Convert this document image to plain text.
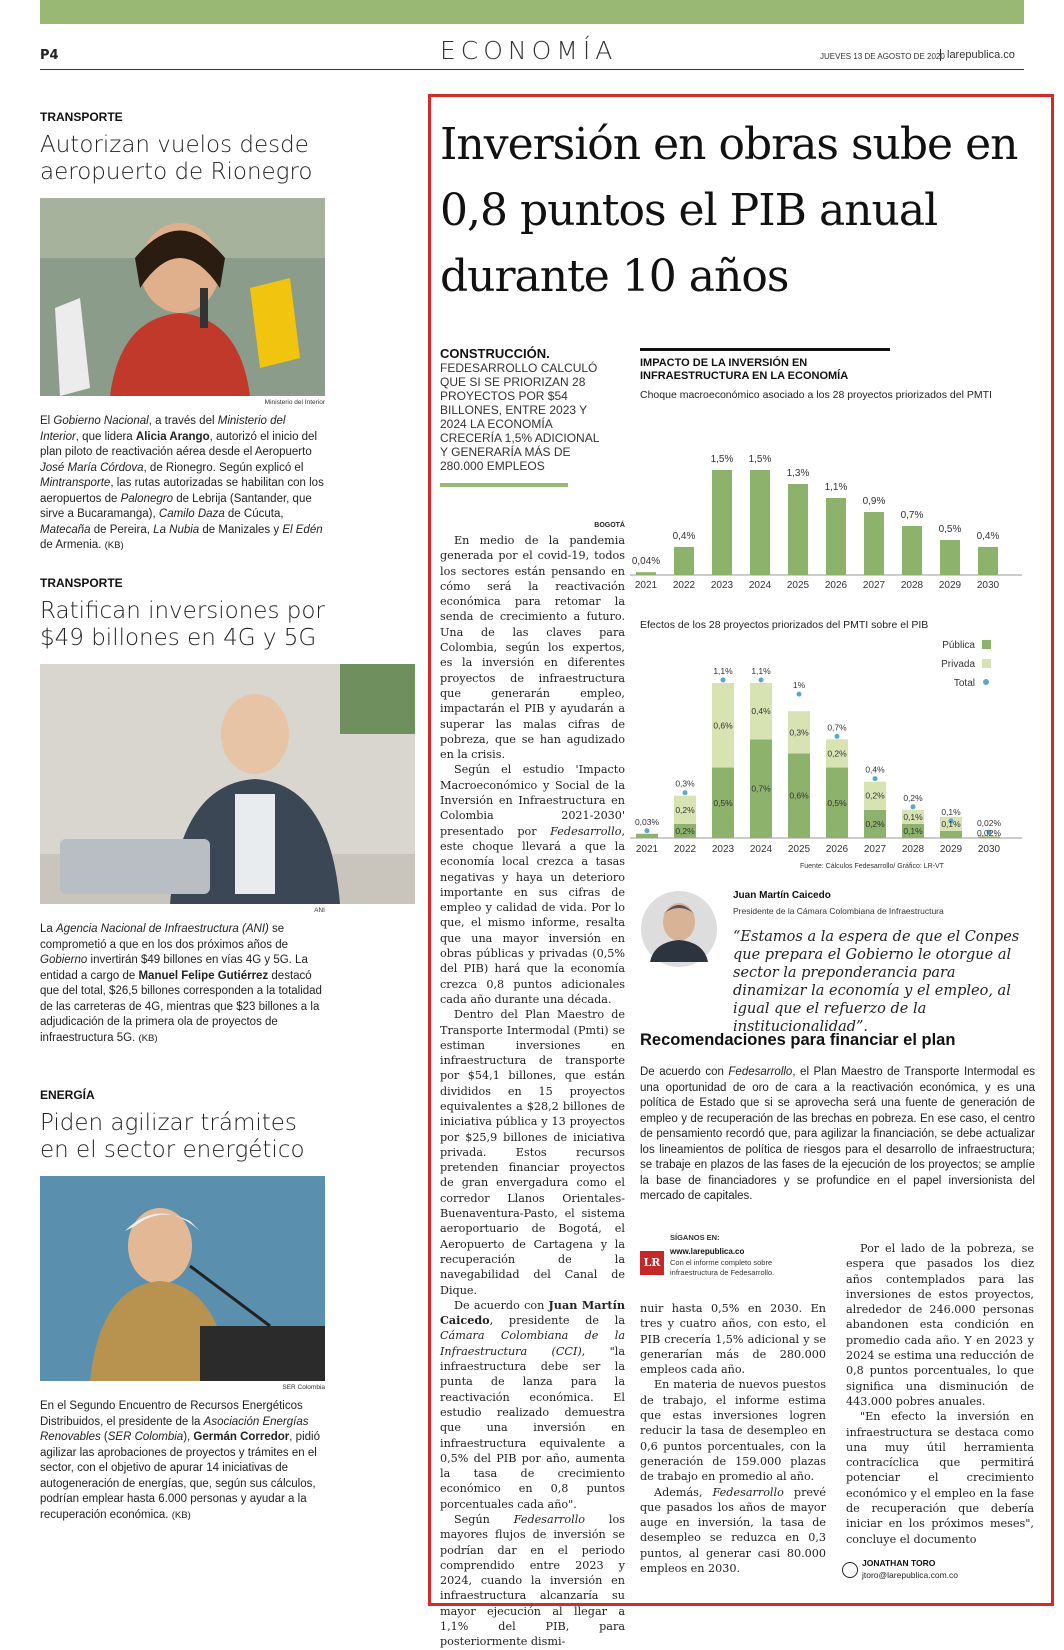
P4	ECONOMÍA	JUEVES 13 DE AGOSTO DE 2020 larepublica.co
TRANSPORTE
Autorizan vuelos desde aeropuerto de Rionegro
Ministerio del Interior
El Gobierno Nacional, a través del Ministerio del Interior, que lidera Alicia Arango, autorizó el inicio del plan piloto de reactivación aérea desde el Aeropuerto José María Córdova, de Rionegro. Según explicó el Mintransporte, las rutas autorizadas se habilitan con los aeropuertos de Palonegro de Lebrija (Santander, que sirve a Bucaramanga), Camilo Daza de Cúcuta, Matecaña de Pereira, La Nubia de Manizales y El Edén de Armenia. (KB)
TRANSPORTE
Ratifican inversiones por $49 billones en 4G y 5G
ANI
La Agencia Nacional de Infraestructura (ANI) se comprometió a que en los dos próximos años de Gobierno invertirán $49 billones en vías 4G y 5G. La entidad a cargo de Manuel Felipe Gutiérrez destacó que del total, $26,5 billones corresponden a la totalidad de las carreteras de 4G, mientras que $23 billones a la adjudicación de la primera ola de proyectos de infraestructura 5G. (KB)
ENERGÍA
Piden agilizar trámites en el sector energético
SER Colombia
En el Segundo Encuentro de Recursos Energéticos Distribuidos, el presidente de la Asociación Energías Renovables (SER Colombia), Germán Corredor, pidió agilizar las aprobaciones de proyectos y trámites en el sector, con el objetivo de apurar 14 iniciativas de autogeneración de energías, que, según sus cálculos, podrían emplear hasta 6.000 personas y ayudar a la recuperación económica. (KB)
Inversión en obras sube en 0,8 puntos el PIB anual durante 10 años
CONSTRUCCIÓN.
FEDESARROLLO CALCULÓ QUE SI SE PRIORIZAN 28 PROYECTOS POR $54 BILLONES, ENTRE 2023 Y 2024 LA ECONOMÍA CRECERÍA 1,5% ADICIONAL Y GENERARÍA MÁS DE 280.000 EMPLEOS
BOGOTÁ

En medio de la pandemia generada por el covid-19, todos los sectores están pensando en cómo será la reactivación económica para retomar la senda de crecimiento a futuro. Una de las claves para Colombia, según los expertos, es la inversión en diferentes proyectos de infraestructura que generarán empleo, impactarán el PIB y ayudarán a superar las malas cifras de pobreza, que se han agudizado en la crisis.

Según el estudio 'Impacto Macroeconómico y Social de la Inversión en Infraestructura en Colombia 2021-2030' presentado por Fedesarrollo, este choque llevará a que la economía local crezca a tasas negativas y haya un deterioro importante en sus cifras de empleo y calidad de vida. Por lo que, el mismo informe, resalta que una mayor inversión en obras públicas y privadas (0,5% del PIB) hará que la economía crezca 0,8 puntos adicionales cada año durante una década.

Dentro del Plan Maestro de Transporte Intermodal (Pmti) se estiman inversiones en infraestructura de transporte por $54,1 billones, que están divididos en 15 proyectos equivalentes a $28,2 billones de iniciativa pública y 13 proyectos por $25,9 billones de iniciativa privada. Estos recursos pretenden financiar proyectos de gran envergadura como el corredor Llanos Orientales-Buenaventura-Pasto, el sistema aeroportuario de Bogotá, el Aeropuerto de Cartagena y la recuperación de la navegabilidad del Canal de Dique.

De acuerdo con Juan Martín Caicedo, presidente de la Cámara Colombiana de la Infraestructura (CCI), "la infraestructura debe ser la punta de lanza para la reactivación económica. El estudio realizado demuestra que una inversión en infraestructura equivalente a 0,5% del PIB por año, aumenta la tasa de crecimiento económico en 0,8 puntos porcentuales cada año".

Según Fedesarrollo los mayores flujos de inversión se podrían dar en el periodo comprendido entre 2023 y 2024, cuando la inversión en infraestructura alcanzaría su mayor ejecución al llegar a 1,1% del PIB, para posteriormente dismi-

IMPACTO DE LA INVERSIÓN EN INFRAESTRUCTURA EN LA ECONOMÍA
Choque macroeconómico asociado a los 28 proyectos priorizados del PMTI
0,04%
2021
0,4%
2022
1,5%
2023
1,5%
2024
1,3%
2025
1,1%
2026
0,9%
2027
0,7%
2028
0,5%
2029
0,4%
2030
Efectos de los 28 proyectos priorizados del PMTI sobre el PIB
0,03%
2021
0,3%
0,2%
0,2%
2022
1,1%
0,5%
0,6%
2023
1,1%
0,7%
0,4%
2024
1%
0,6%
0,3%
2025
0,7%
0,5%
0,2%
2026
0,4%
0,2%
0,2%
2027
0,2%
0,1%
0,1%
2028
0,1%
0,1%
2029
0,02%
0,02%
2030
Pública
Privada
Total
Fuente: Cálculos Fedesarrollo/ Gráfico: LR-VT
Juan Martín Caicedo
Presidente de la Cámara Colombiana de Infraestructura
“Estamos a la espera de que el Conpes que prepara el Gobierno le otorgue al sector la preponderancia para dinamizar la economía y el empleo, al igual que el refuerzo de la institucionalidad”.
Recomendaciones para financiar el plan
De acuerdo con Fedesarrollo, el Plan Maestro de Transporte Intermodal es una oportunidad de oro de cara a la reactivación económica, y es una política de Estado que si se aprovecha será una fuente de generación de empleo y de recuperación de las brechas en pobreza. En ese caso, el centro de pensamiento recordó que, para agilizar la financiación, se debe actualizar los lineamientos de política de riesgos para el desarrollo de infraestructura; se trabaje en plazos de las fases de la ejecución de los proyectos; se amplíe la base de financiadores y se profundice en el papel inversionista del mercado de capitales.
SÍGANOS EN:
LR
www.larepublica.co
Con el informe completo sobre infraestructura de Fedesarrollo.
nuir hasta 0,5% en 2030. En tres y cuatro años, con esto, el PIB crecería 1,5% adicional y se generarían más de 280.000 empleos cada año.

En materia de nuevos puestos de trabajo, el informe estima que estas inversiones logren reducir la tasa de desempleo en 0,6 puntos porcentuales, con la generación de 159.000 plazas de trabajo en promedio al año.

Además, Fedesarrollo prevé que pasados los años de mayor auge en inversión, la tasa de desempleo se reduzca en 0,3 puntos, al generar casi 80.000 empleos en 2030.

Por el lado de la pobreza, se espera que pasados los diez años contemplados para las inversiones de estos proyectos, alrededor de 246.000 personas abandonen esta condición en promedio cada año. Y en 2023 y 2024 se estima una reducción de 0,8 puntos porcentuales, lo que significa una disminución de 443.000 pobres anuales.

"En efecto la inversión en infraestructura se destaca como una muy útil herramienta contracíclica que permitirá potenciar el crecimiento económico y el empleo en la fase de recuperación que debería iniciar en los próximos meses", concluye el documento

JONATHAN TORO
jtoro@larepublica.com.co
